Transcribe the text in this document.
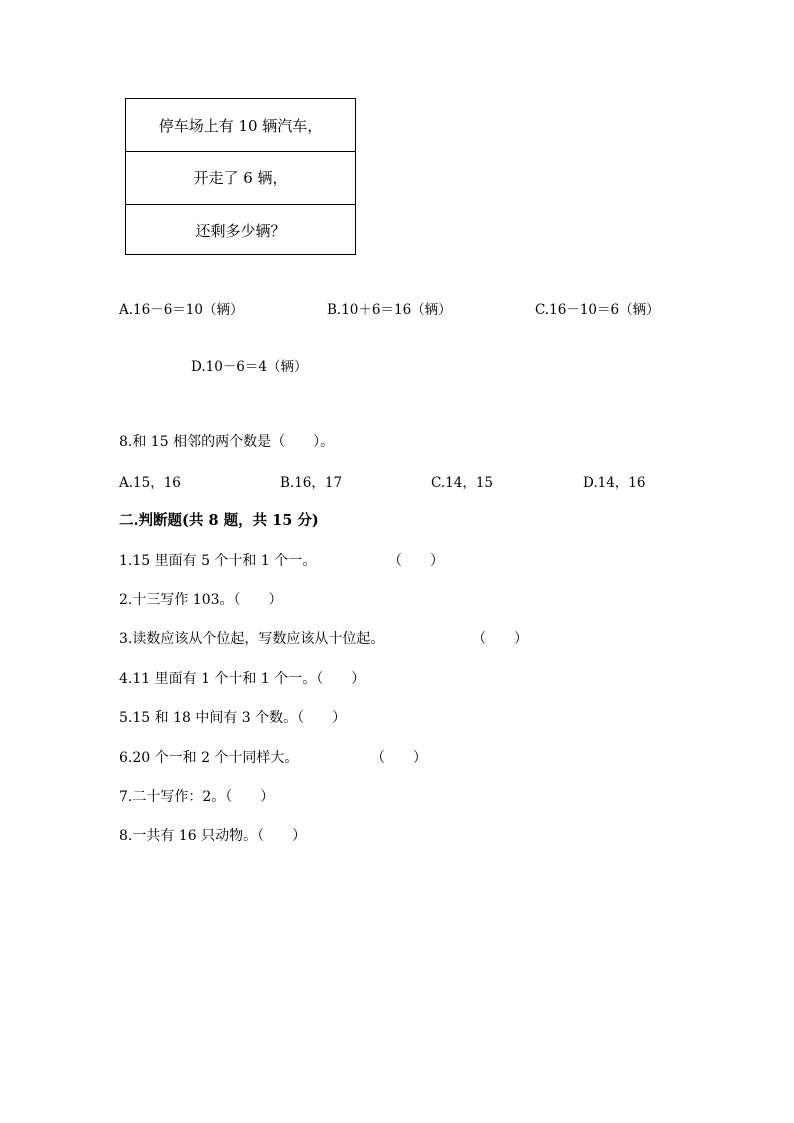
停车场上有 10 辆汽车，
开走了 6 辆，
还剩多少辆？
A.16－6＝10（辆）	B.10＋6＝16（辆）	C.16－10＝6（辆）
D.10－6＝4（辆）
8.和 15 相邻的两个数是（　　）。
A.15，16	B.16，17	C.14，15	D.14，16
二.判断题(共 8 题，共 15 分)
1.15 里面有 5 个十和 1 个一。	（　　）
2.十三写作 103。（　　）
3.读数应该从个位起，写数应该从十位起。	（　　）
4.11 里面有 1 个十和 1 个一。（　　）
5.15 和 18 中间有 3 个数。（　　）
6.20 个一和 2 个十同样大。	（　　）
7.二十写作：2。（　　）
8.一共有 16 只动物。（　　）
